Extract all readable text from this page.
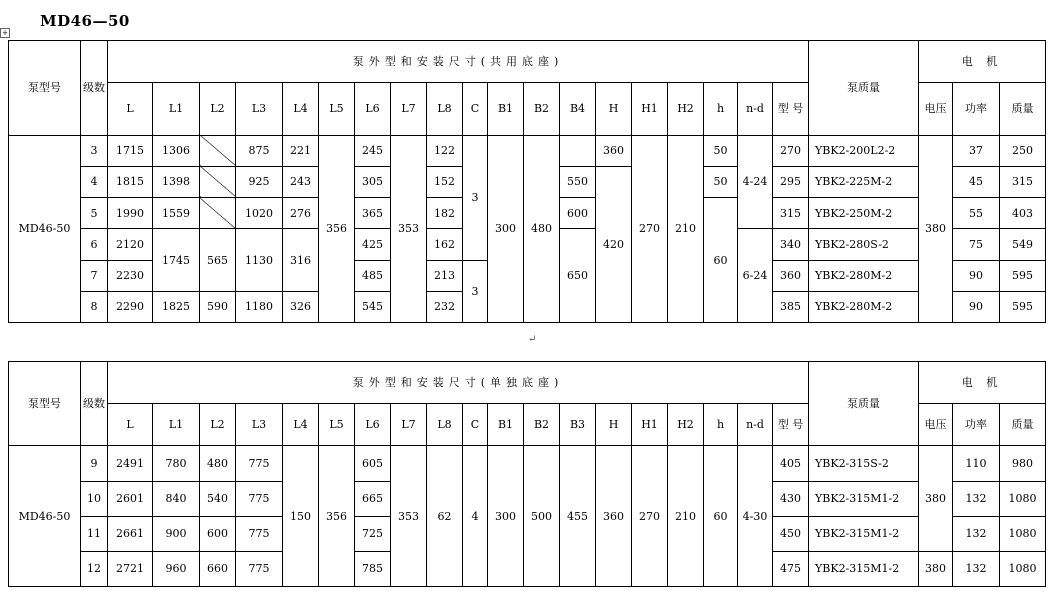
MD46—50
+
泵型号	级数	泵外型和安装尺寸(共用底座)																			泵质量	电 机		
		L	L1	L2	L3	L4	L5	L6	L7	L8	C	B1	B2	B4	H	H1	H2	h	n-d	型 号		电压	功率	质量
MD46-50	3	1715	1306		875	221	356	245	353	122	3	300	480		360	270	210	50	4-24	270	YBK2-200L2-2	380	37	250
	4	1815	1398		925	243		305		152				550	420			50		295	YBK2-225M-2		45	315
	5	1990	1559		1020	276		365		182				600				60		315	YBK2-250M-2		55	403
	6	2120	1745	565	1130	316		425		162				650					6-24	340	YBK2-280S-2		75	549
	7	2230						485		213	3									360	YBK2-280M-2		90	595
	8	2290	1825	590	1180	326		545		232										385	YBK2-280M-2		90	595
↵
泵型号	级数	泵外型和安装尺寸(单独底座)																			泵质量	电 机		
		L	L1	L2	L3	L4	L5	L6	L7	L8	C	B1	B2	B3	H	H1	H2	h	n-d	型 号		电压	功率	质量
MD46-50	9	2491	780	480	775	150	356	605	353	62	4	300	500	455	360	270	210	60	4-30	405	YBK2-315S-2	380	110	980
	10	2601	840	540	775			665												430	YBK2-315M1-2		132	1080
	11	2661	900	600	775			725												450	YBK2-315M1-2		132	1080
	12	2721	960	660	775			785												475	YBK2-315M1-2	380	132	1080
